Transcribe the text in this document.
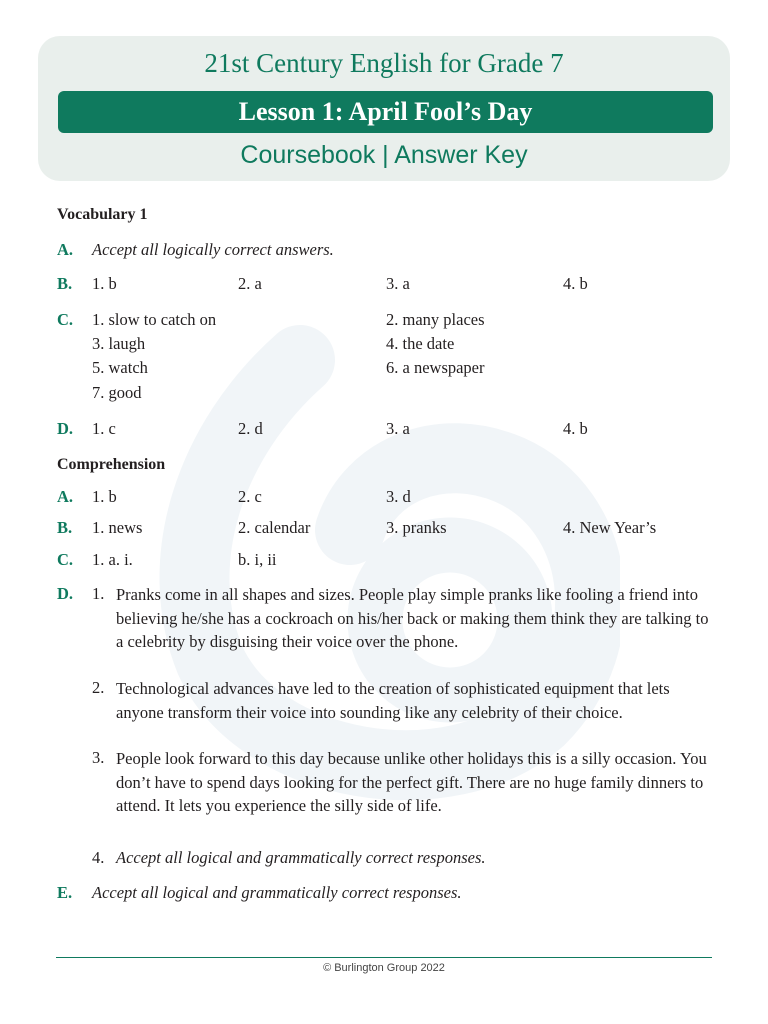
21st Century English for Grade 7
Lesson 1: April Fool’s Day
Coursebook | Answer Key
Vocabulary 1
A. Accept all logically correct answers.
B. 1. b	2. a	3. a	4. b
C. 1. slow to catch on	2. many places
3. laugh	4. the date
5. watch	6. a newspaper
7. good
D. 1. c	2. d	3. a	4. b
Comprehension
A. 1. b	2. c	3. d
B. 1. news	2. calendar	3. pranks	4. New Year’s
C. 1. a. i.	b. i, ii
D. 1. Pranks come in all shapes and sizes. People play simple pranks like fooling a friend into believing he/she has a cockroach on his/her back or making them think they are talking to a celebrity by disguising their voice over the phone.
2. Technological advances have led to the creation of sophisticated equipment that lets anyone transform their voice into sounding like any celebrity of their choice.
3. People look forward to this day because unlike other holidays this is a silly occasion. You don’t have to spend days looking for the perfect gift. There are no huge family dinners to attend. It lets you experience the silly side of life.
4. Accept all logical and grammatically correct responses.
E. Accept all logical and grammatically correct responses.
© Burlington Group 2022
